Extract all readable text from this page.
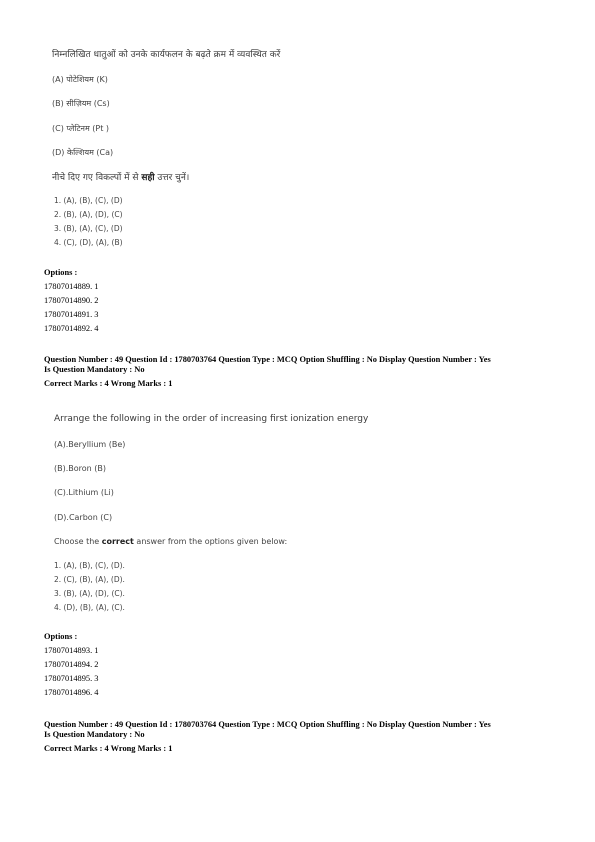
निम्नलिखित धातुओं को उनके कार्यफलन के बढ़ते क्रम में व्यवस्थित करें
(A) पोटेशियम (K)
(B) सीज़ियम (Cs)
(C) प्लेटिनम (Pt )
(D) केल्शियम (Ca)
नीचे दिए गए विकल्पों में से सही उत्तर चुनें।
1. (A), (B), (C), (D)
2. (B), (A), (D), (C)
3. (B), (A), (C), (D)
4. (C), (D), (A), (B)
Options :
17807014889. 1
17807014890. 2
17807014891. 3
17807014892. 4
Question Number : 49 Question Id : 1780703764 Question Type : MCQ Option Shuffling : No Display Question Number : Yes
Is Question Mandatory : No
Correct Marks : 4 Wrong Marks : 1
Arrange the following in the order of increasing first ionization energy
(A).Beryllium (Be)
(B).Boron (B)
(C).Lithium (Li)
(D).Carbon (C)
Choose the correct answer from the options given below:
1. (A), (B), (C), (D).
2. (C), (B), (A), (D).
3. (B), (A), (D), (C).
4. (D), (B), (A), (C).
Options :
17807014893. 1
17807014894. 2
17807014895. 3
17807014896. 4
Question Number : 49 Question Id : 1780703764 Question Type : MCQ Option Shuffling : No Display Question Number : Yes
Is Question Mandatory : No
Correct Marks : 4 Wrong Marks : 1
